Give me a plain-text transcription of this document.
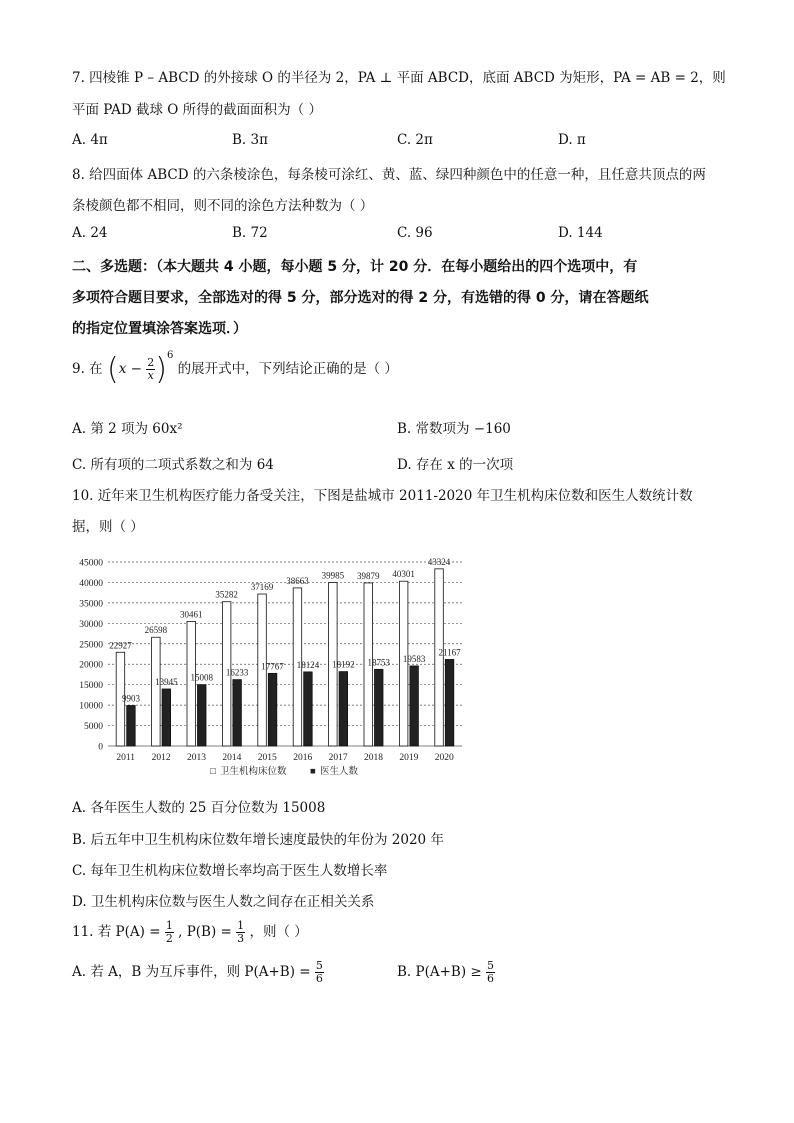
7. 四棱锥 P – ABCD 的外接球 O 的半径为 2，PA ⊥ 平面 ABCD，底面 ABCD 为矩形，PA = AB = 2，则
平面 PAD 截球 O 所得的截面面积为（ ）
A. 4π	B. 3π	C. 2π	D. π
8. 给四面体 ABCD 的六条棱涂色，每条棱可涂红、黄、蓝、绿四种颜色中的任意一种，且任意共顶点的两
条棱颜色都不相同，则不同的涂色方法种数为（ ）
A. 24	B. 72	C. 96	D. 144
二、多选题：（本大题共 4 小题，每小题 5 分，计 20 分．在每小题给出的四个选项中，有
多项符合题目要求，全部选对的得 5 分，部分选对的得 2 分，有选错的得 0 分，请在答题纸
的指定位置填涂答案选项．）
9. 在 $(x - \frac{2}{x} )^6$ 的展开式中，下列结论正确的是（ ）
A. 第 2 项为 60x²	B. 常数项为 −160
C. 所有项的二项式系数之和为 64	D. 存在 x 的一次项
10. 近年来卫生机构医疗能力备受关注，下图是盐城市 2011-2020 年卫生机构床位数和医生人数统计数
据，则（ ）
0
5000
10000
15000
20000
25000
30000
35000
40000
45000
22927
9903
26598
13945
30461
15008
35282
16233
37169
17767
38663
18124
39985
18192
39879
18753
40301
19583
43324
21167
2011 2012 2013 2014 2015 2016 2017 2018 2019 2020
□ 卫生机构床位数 ■ 医生人数
A. 各年医生人数的 25 百分位数为 15008
B. 后五年中卫生机构床位数年增长速度最快的年份为 2020 年
C. 每年卫生机构床位数增长率均高于医生人数增长率
D. 卫生机构床位数与医生人数之间存在正相关关系
11. 若 $P(A) = \frac{1}{2}$ , $P(B) = \frac{1}{3}$ ，则（ ）
A. 若 A，B 为互斥事件，则 $P(A+B) = \frac{5}{6}$	B. $P(A+B) \ge \frac{5}{6}$
